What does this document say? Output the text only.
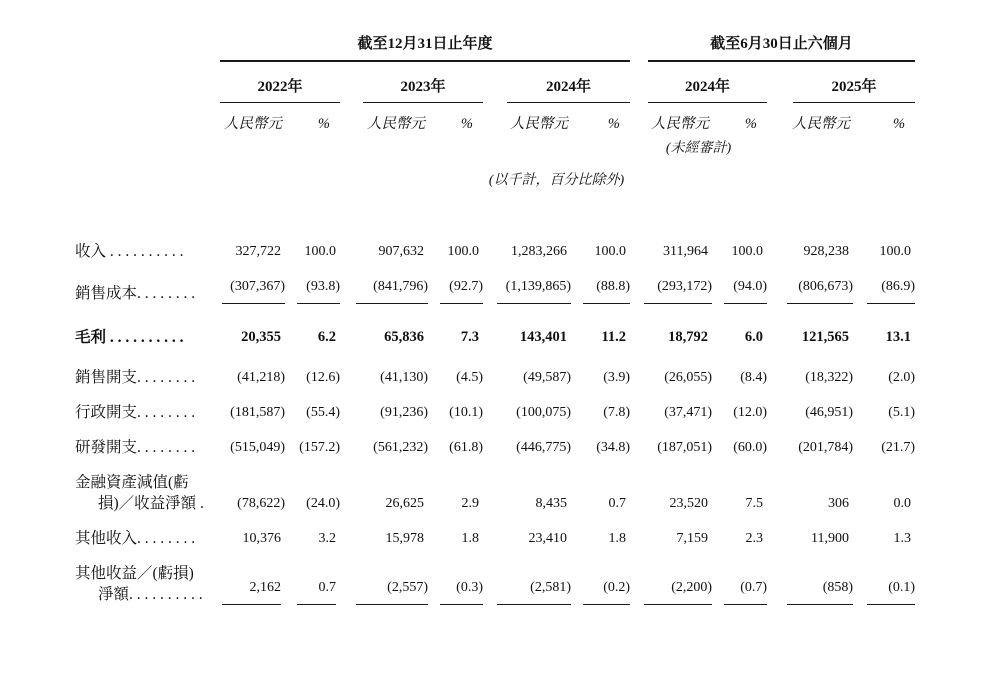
	截至12月31日止年度						截至6月30日止六個月			

	2022年		2023年		2024年		2024年		2025年	

	人民幣元	%	人民幣元	%	人民幣元	%	人民幣元	%	人民幣元	%
							(未經審計)			
					(以千計，百分比除外)					

收入 . . . . . . . . . .	327,722	100.0	907,632	100.0	1,283,266	100.0	311,964	100.0	928,238	100.0

銷售成本. . . . . . . .	(307,367)	(93.8)	(841,796)	(92.7)	(1,139,865)	(88.8)	(293,172)	(94.0)	(806,673)	(86.9)

毛利 . . . . . . . . . .	20,355	6.2	65,836	7.3	143,401	11.2	18,792	6.0	121,565	13.1

銷售開支. . . . . . . .	(41,218)	(12.6)	(41,130)	(4.5)	(49,587)	(3.9)	(26,055)	(8.4)	(18,322)	(2.0)

行政開支. . . . . . . .	(181,587)	(55.4)	(91,236)	(10.1)	(100,075)	(7.8)	(37,471)	(12.0)	(46,951)	(5.1)

研發開支. . . . . . . .	(515,049)	(157.2)	(561,232)	(61.8)	(446,775)	(34.8)	(187,051)	(60.0)	(201,784)	(21.7)

金融資產減值(虧
損)／收益淨額 .	(78,622)	(24.0)	26,625	2.9	8,435	0.7	23,520	7.5	306	0.0

其他收入. . . . . . . .	10,376	3.2	15,978	1.8	23,410	1.8	7,159	2.3	11,900	1.3

其他收益／(虧損)
淨額. . . . . . . . . .	2,162	0.7	(2,557)	(0.3)	(2,581)	(0.2)	(2,200)	(0.7)	(858)	(0.1)
